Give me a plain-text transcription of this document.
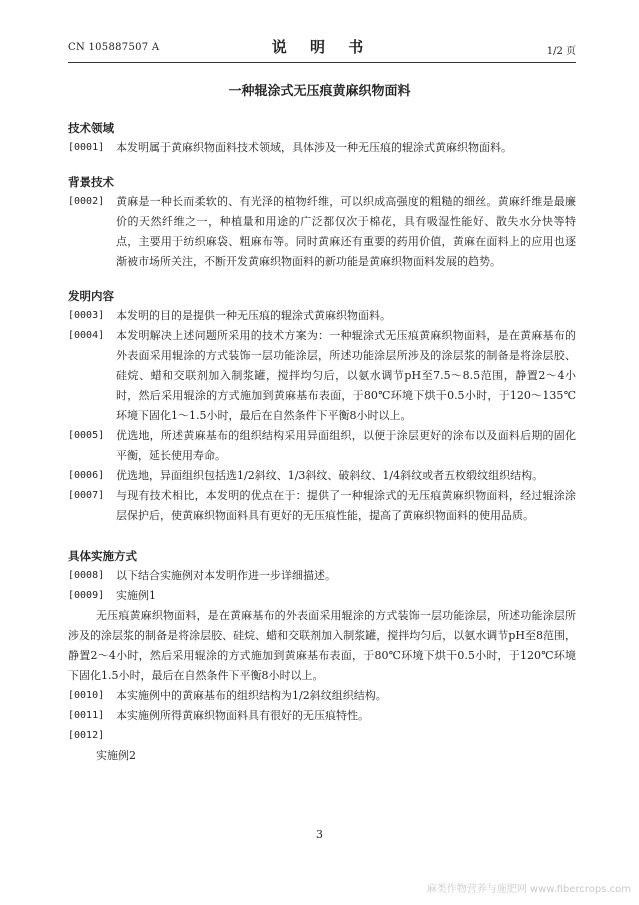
CN 105887507 A	说 明 书	1/2 页
一种辊涂式无压痕黄麻织物面料
技术领域
[0001] 本发明属于黄麻织物面料技术领域，具体涉及一种无压痕的辊涂式黄麻织物面料。
背景技术
[0002] 黄麻是一种长而柔软的、有光泽的植物纤维，可以织成高强度的粗糙的细丝。黄麻纤维是最廉价的天然纤维之一，种植量和用途的广泛都仅次于棉花，具有吸湿性能好、散失水分快等特点，主要用于纺织麻袋、粗麻布等。同时黄麻还有重要的药用价值，黄麻在面料上的应用也逐渐被市场所关注，不断开发黄麻织物面料的新功能是黄麻织物面料发展的趋势。
发明内容
[0003] 本发明的目的是提供一种无压痕的辊涂式黄麻织物面料。
[0004] 本发明解决上述问题所采用的技术方案为：一种辊涂式无压痕黄麻织物面料，是在黄麻基布的外表面采用辊涂的方式装饰一层功能涂层，所述功能涂层所涉及的涂层浆的制备是将涂层胶、硅烷、蜡和交联剂加入制浆罐，搅拌均匀后，以氨水调节pH至7.5～8.5范围，静置2～4小时，然后采用辊涂的方式施加到黄麻基布表面，于80℃环境下烘干0.5小时，于120～135℃环境下固化1～1.5小时，最后在自然条件下平衡8小时以上。
[0005] 优选地，所述黄麻基布的组织结构采用异面组织，以便于涂层更好的涂布以及面料后期的固化平衡，延长使用寿命。
[0006] 优选地，异面组织包括选1/2斜纹、1/3斜纹、破斜纹、1/4斜纹或者五枚缎纹组织结构。
[0007] 与现有技术相比，本发明的优点在于：提供了一种辊涂式的无压痕黄麻织物面料，经过辊涂涂层保护后，使黄麻织物面料具有更好的无压痕性能，提高了黄麻织物面料的使用品质。
具体实施方式
[0008] 以下结合实施例对本发明作进一步详细描述。
[0009] 实施例1
无压痕黄麻织物面料，是在黄麻基布的外表面采用辊涂的方式装饰一层功能涂层，所述功能涂层所涉及的涂层浆的制备是将涂层胶、硅烷、蜡和交联剂加入制浆罐，搅拌均匀后，以氨水调节pH至8范围，静置2～4小时，然后采用辊涂的方式施加到黄麻基布表面，于80℃环境下烘干0.5小时，于120℃环境下固化1.5小时，最后在自然条件下平衡8小时以上。
[0010] 本实施例中的黄麻基布的组织结构为1/2斜纹组织结构。
[0011] 本实施例所得黄麻织物面料具有很好的无压痕特性。
[0012]

实施例2
3
麻类作物营养与施肥网 www.fibercrops.com
